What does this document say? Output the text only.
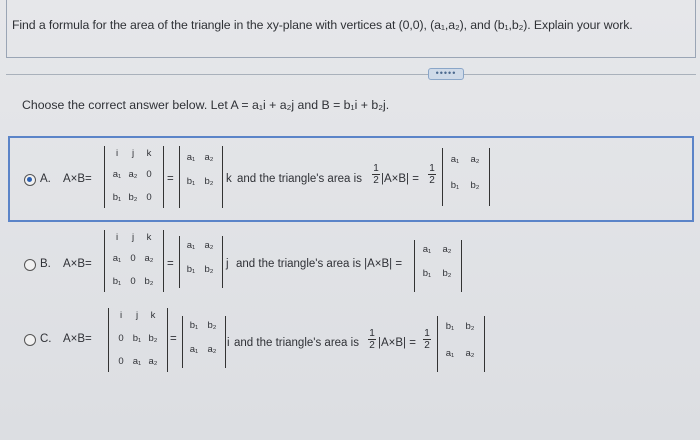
Find a formula for the area of the triangle in the xy-plane with vertices at (0,0), (a₁,a₂), and (b₁,b₂). Explain your work.
•••••
Choose the correct answer below. Let A = a₁i + a₂j and B = b₁i + b₂j.
A. A×B=
i	j	k
a₁ a₂ 0
b₁ b₂ 0
=
a₁ a₂
b₁ b₂	k and the triangle's area is
1
2 |A×B| =
1
2
a₁	a₂
b₁	b₂
B. A×B=
i	j	k
a₁ 0 a₂
b₁ 0 b₂
=
a₁ a₂
b₁ b₂	j and the triangle's area is |A×B| =
a₁	a₂
b₁	b₂
C. A×B=
i	j	k
0 b₁ b₂
0 a₁ a₂
=
b₁ b₂
a₁ a₂
i and the triangle's area is
1
2 |A×B| =
1
2
b₁	b₂
a₁	a₂
